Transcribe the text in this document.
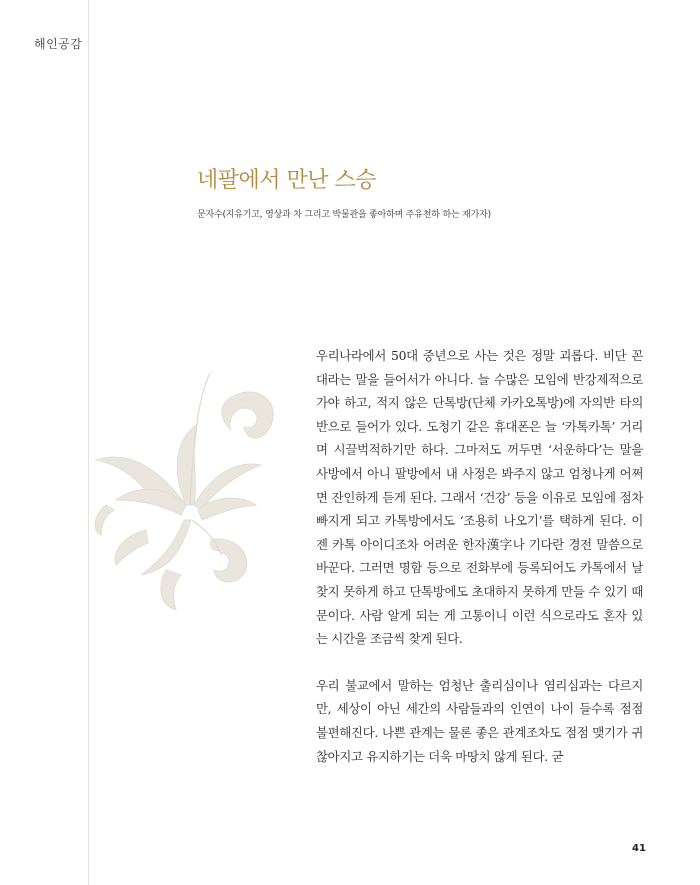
해인공감
네팔에서 만난 스승
문자수(지유기고, 영상과 차 그리고 박물관을 좋아하며 주유천하 하는 재가자)

우리나라에서 50대 중년으로 사는 것은 정말 괴롭다. 비단 꼰대라는 말을 들어서가 아니다. 늘 수많은 모임에 반강제적으로 가야 하고, 적지 않은 단톡방(단체 카카오톡방)에 자의반 타의반으로 들어가 있다. 도청기 같은 휴대폰은 늘 ‘카톡카톡’ 거리며 시끌벅적하기만 하다. 그마저도 꺼두면 ‘서운하다’는 말을 사방에서 아니 팔방에서 내 사정은 봐주지 않고 엄청나게 어쩌면 잔인하게 듣게 된다. 그래서 ‘건강’ 등을 이유로 모임에 점차 빠지게 되고 카톡방에서도 ‘조용히 나오기’를 택하게 된다. 이젠 카톡 아이디조차 어려운 한자漢字나 기다란 경전 말씀으로 바꾼다. 그러면 명함 등으로 전화부에 등록되어도 카톡에서 날 찾지 못하게 하고 단톡방에도 초대하지 못하게 만들 수 있기 때문이다. 사람 알게 되는 게 고통이니 이런 식으로라도 혼자 있는 시간을 조금씩 찾게 된다.

우리 불교에서 말하는 엄청난 출리심이나 염리심과는 다르지만, 세상이 아닌 세간의 사람들과의 인연이 나이 들수록 점점 불편해진다. 나쁜 관계는 물론 좋은 관계조차도 점점 맺기가 귀찮아지고 유지하기는 더욱 마땅치 않게 된다. 굳

41
